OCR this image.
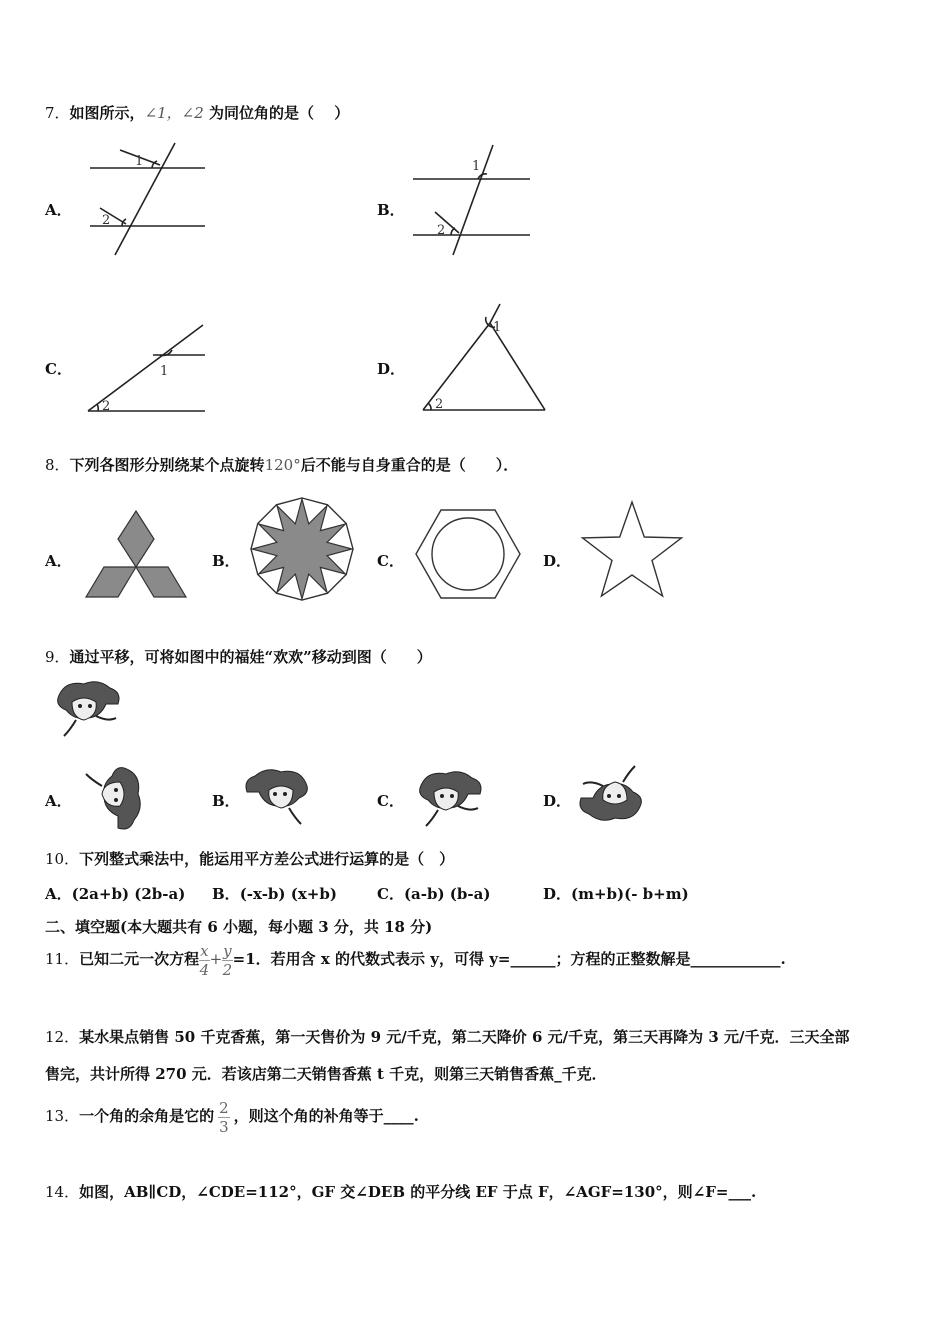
7．如图所示，∠1，∠2 为同位角的是（　 ）
A．
1
2
B．
1
2
C．	1
2
D．
1
2
8．下列各图形分别绕某个点旋转120°后不能与自身重合的是（　　）．
A．	B．	C．	D．
9．通过平移，可将如图中的福娃“欢欢”移动到图（　　）
A．	B．	C．	D．
10．下列整式乘法中，能运用平方差公式进行运算的是（　）
A．(2a+b) (2b-a) B．(-x-b) (x+b)	C．(a-b) (b-a)	D．(m+b)(- b+m)
二、填空题(本大题共有 6 小题，每小题 3 分，共 18 分)
11．已知二元一次方程 $\frac{x}{4} + \frac{y}{2} =1$．若用含 x 的代数式表示 y，可得 y=______；方程的正整数解是____________.
12．某水果点销售 50 千克香蕉，第一天售价为 9 元/千克，第二天降价 6 元/千克，第三天再降为 3 元/千克．三天全部
售完，共计所得 270 元．若该店第二天销售香蕉 t 千克，则第三天销售香蕉_千克．
13．一个角的余角是它的 $\frac{2}{3}$ ，则这个角的补角等于____.
14．如图，AB∥CD，∠CDE=112°，GF 交∠DEB 的平分线 EF 于点 F，∠AGF=130°，则∠F=___.
